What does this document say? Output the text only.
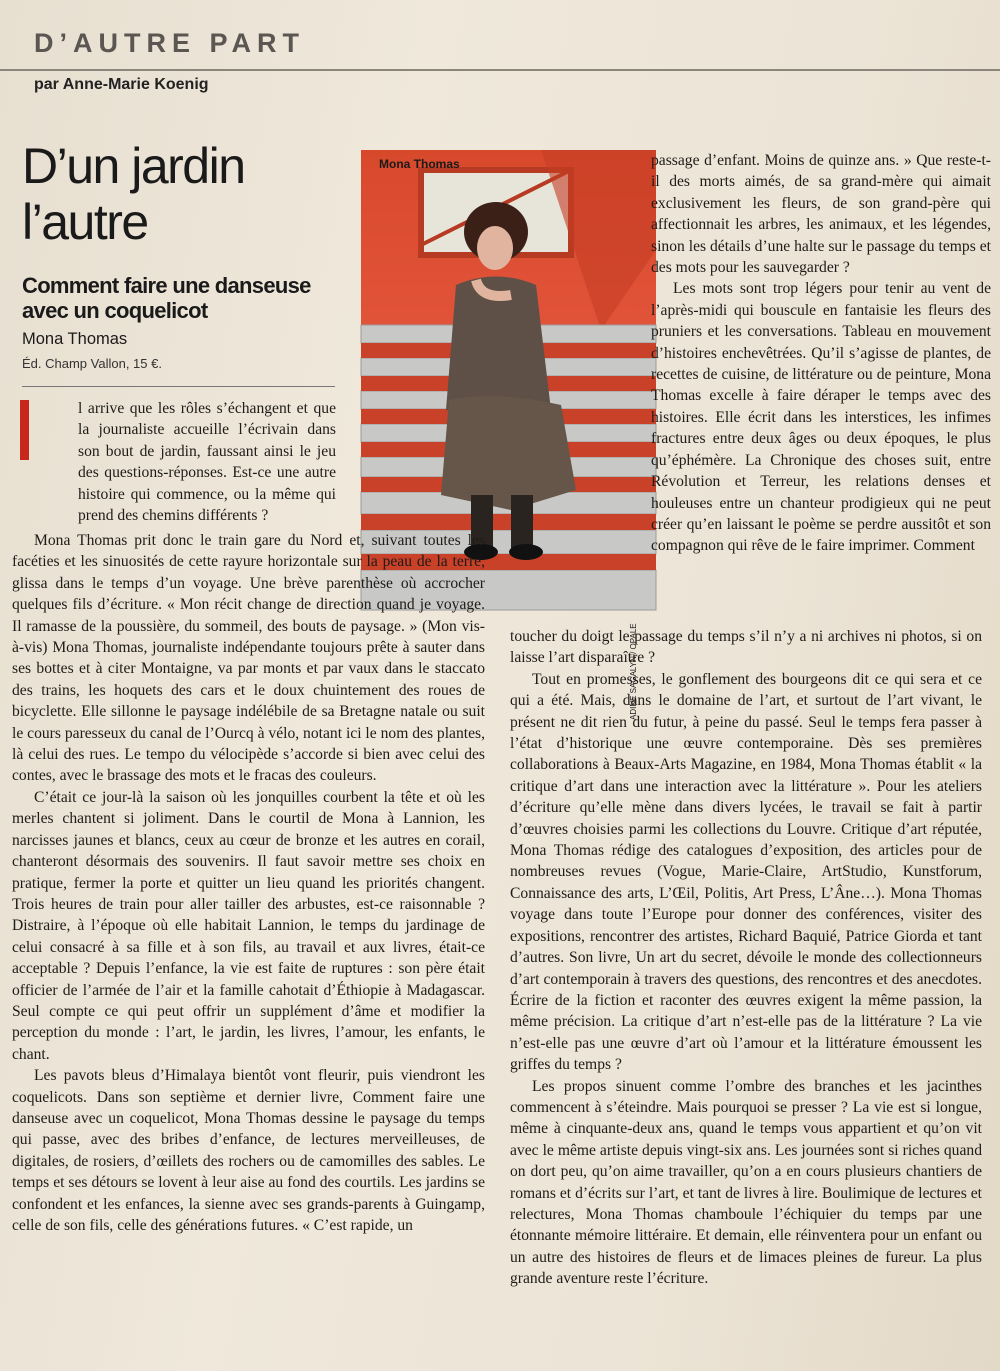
D’AUTRE PART
par Anne-Marie Koenig
D’un jardin l’autre
Comment faire une danseuse avec un coquelicot
Mona Thomas
Éd. Champ Vallon, 15 €.
Mona Thomas
ADINE SAGALYN / OPALE

l arrive que les rôles s’échangent et que la journaliste accueille l’écrivain dans son bout de jardin, faussant ainsi le jeu des questions-réponses. Est-ce une autre histoire qui commence, ou la même qui prend des chemins différents ?

Mona Thomas prit donc le train gare du Nord et, suivant toutes les facéties et les sinuosités de cette rayure horizontale sur la peau de la terre, glissa dans le temps d’un voyage. Une brève parenthèse où accrocher quelques fils d’écriture. « Mon récit change de direction quand je voyage. Il ramasse de la poussière, du sommeil, des bouts de paysage. » (Mon vis-à-vis) Mona Thomas, journaliste indépendante toujours prête à sauter dans ses bottes et à citer Montaigne, va par monts et par vaux dans le staccato des trains, les hoquets des cars et le doux chuintement des roues de bicyclette. Elle sillonne le paysage indélébile de sa Bretagne natale ou suit le cours paresseux du canal de l’Ourcq à vélo, notant ici le nom des plantes, là celui des rues. Le tempo du vélocipède s’accorde si bien avec celui des contes, avec le brassage des mots et le fracas des couleurs.

C’était ce jour-là la saison où les jonquilles courbent la tête et où les merles chantent si joliment. Dans le courtil de Mona à Lannion, les narcisses jaunes et blancs, ceux au cœur de bronze et les autres en corail, chanteront désormais des souvenirs. Il faut savoir mettre ses choix en pratique, fermer la porte et quitter un lieu quand les priorités changent. Trois heures de train pour aller tailler des arbustes, est-ce raisonnable ? Distraire, à l’époque où elle habitait Lannion, le temps du jardinage de celui consacré à sa fille et à son fils, au travail et aux livres, était-ce acceptable ? Depuis l’enfance, la vie est faite de ruptures : son père était officier de l’armée de l’air et la famille cahotait d’Éthiopie à Madagascar. Seul compte ce qui peut offrir un supplément d’âme et modifier la perception du monde : l’art, le jardin, les livres, l’amour, les enfants, le chant.

Les pavots bleus d’Himalaya bientôt vont fleurir, puis viendront les coquelicots. Dans son septième et dernier livre, Comment faire une danseuse avec un coquelicot, Mona Thomas dessine le paysage du temps qui passe, avec des bribes d’enfance, de lectures merveilleuses, de digitales, de rosiers, d’œillets des rochers ou de camomilles des sables. Le temps et ses détours se lovent à leur aise au fond des courtils. Les jardins se confondent et les enfances, la sienne avec ses grands-parents à Guingamp, celle de son fils, celle des générations futures. « C’est rapide, un

passage d’enfant. Moins de quinze ans. » Que reste-t-il des morts aimés, de sa grand-mère qui aimait exclusivement les fleurs, de son grand-père qui affectionnait les arbres, les animaux, et les légendes, sinon les détails d’une halte sur le passage du temps et des mots pour les sauvegarder ?

Les mots sont trop légers pour tenir au vent de l’après-midi qui bouscule en fantaisie les fleurs des pruniers et les conversations. Tableau en mouvement d’histoires enchevêtrées. Qu’il s’agisse de plantes, de recettes de cuisine, de littérature ou de peinture, Mona Thomas excelle à faire déraper le temps avec des histoires. Elle écrit dans les interstices, les infimes fractures entre deux âges ou deux époques, le plus qu’éphémère. La Chronique des choses suit, entre Révolution et Terreur, les relations denses et houleuses entre un chanteur prodigieux qui ne peut créer qu’en laissant le poème se perdre aussitôt et son compagnon qui rêve de le faire imprimer. Comment

toucher du doigt le passage du temps s’il n’y a ni archives ni photos, si on laisse l’art disparaître ?

Tout en promesses, le gonflement des bourgeons dit ce qui sera et ce qui a été. Mais, dans le domaine de l’art, et surtout de l’art vivant, le présent ne dit rien du futur, à peine du passé. Seul le temps fera passer à l’état d’historique une œuvre contemporaine. Dès ses premières collaborations à Beaux-Arts Magazine, en 1984, Mona Thomas établit « la critique d’art dans une interaction avec la littérature ». Pour les ateliers d’écriture qu’elle mène dans divers lycées, le travail se fait à partir d’œuvres choisies parmi les collections du Louvre. Critique d’art réputée, Mona Thomas rédige des catalogues d’exposition, des articles pour de nombreuses revues (Vogue, Marie-Claire, ArtStudio, Kunstforum, Connaissance des arts, L’Œil, Politis, Art Press, L’Âne…). Mona Thomas voyage dans toute l’Europe pour donner des conférences, visiter des expositions, rencontrer des artistes, Richard Baquié, Patrice Giorda et tant d’autres. Son livre, Un art du secret, dévoile le monde des collectionneurs d’art contemporain à travers des questions, des rencontres et des anecdotes. Écrire de la fiction et raconter des œuvres exigent la même passion, la même précision. La critique d’art n’est-elle pas de la littérature ? La vie n’est-elle pas une œuvre d’art où l’amour et la littérature émoussent les griffes du temps ?

Les propos sinuent comme l’ombre des branches et les jacinthes commencent à s’éteindre. Mais pourquoi se presser ? La vie est si longue, même à cinquante-deux ans, quand le temps vous appartient et qu’on vit avec le même artiste depuis vingt-six ans. Les journées sont si riches quand on dort peu, qu’on aime travailler, qu’on a en cours plusieurs chantiers de romans et d’écrits sur l’art, et tant de livres à lire. Boulimique de lectures et relectures, Mona Thomas chamboule l’échiquier du temps par une étonnante mémoire littéraire. Et demain, elle réinventera pour un enfant ou un autre des histoires de fleurs et de limaces pleines de fureur. La plus grande aventure reste l’écriture.
